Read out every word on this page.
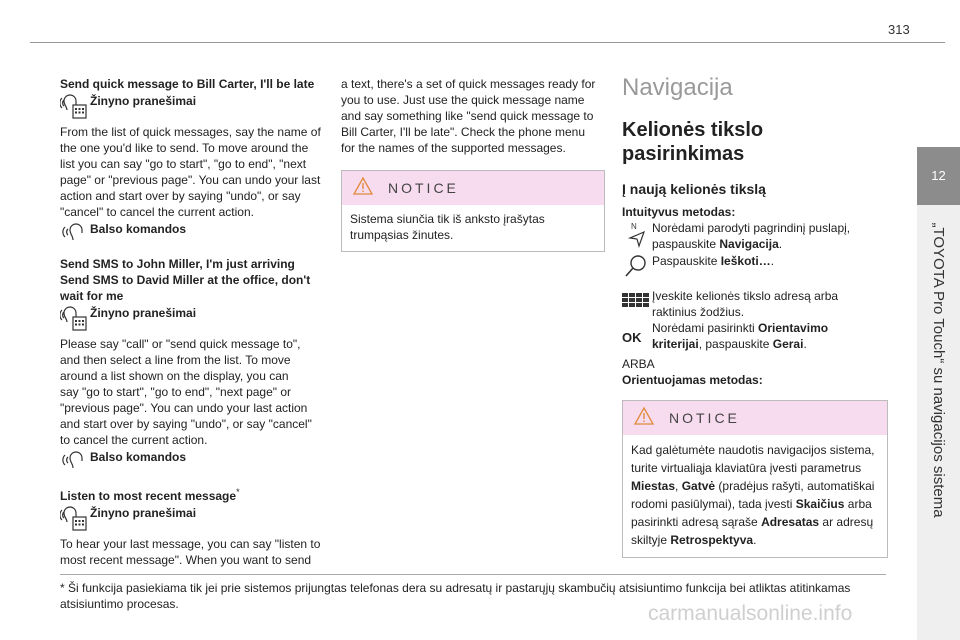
313
12
„TOYOTA Pro Touch“ su navigacijos sistema

Send quick message to Bill Carter, I'll be late

Žinyno pranešimai

From the list of quick messages, say the name of

the one you'd like to send. To move around the

list you can say "go to start", "go to end", "next

page" or "previous page". You can undo your last

action and start over by saying "undo", or say

"cancel" to cancel the current action.

Balso komandos

Send SMS to John Miller, I'm just arriving

Send SMS to David Miller at the office, don't

wait for me

Žinyno pranešimai

Please say "call" or "send quick message to",

and then select a line from the list. To move

around a list shown on the display, you can

say "go to start", "go to end", "next page" or

"previous page". You can undo your last action

and start over by saying "undo", or say "cancel"

to cancel the current action.

Balso komandos

Listen to most recent message*

Žinyno pranešimai

To hear your last message, you can say "listen to

most recent message". When you want to send

a text, there's a set of quick messages ready for

you to use. Just use the quick message name

and say something like "send quick message to

Bill Carter, I'll be late". Check the phone menu

for the names of the supported messages.

NOTICE

Sistema siunčia tik iš anksto įrašytas

trumpąsias žinutes.

Navigacija
Kelionės tikslo pasirinkimas
Į naują kelionės tikslą

Intuityvus metodas:

N Norėdami parodyti pagrindinį puslapį,

paspauskite Navigacija.

Paspauskite Ieškoti….

Įveskite kelionės tikslo adresą arba

raktinius žodžius.

OK

Norėdami pasirinkti Orientavimo

kriterijai, paspauskite Gerai.

ARBA

Orientuojamas metodas:

NOTICE

Kad galėtumėte naudotis navigacijos sistema,

turite virtualiąja klaviatūra įvesti parametrus

Miestas, Gatvė (pradėjus rašyti, automatiškai

rodomi pasiūlymai), tada įvesti Skaičius arba

pasirinkti adresą sąraše Adresatas ar adresų

skiltyje Retrospektyva.

* Ši funkcija pasiekiama tik jei prie sistemos prijungtas telefonas dera su adresatų ir pastarųjų skambučių atsisiuntimo funkcija bei atliktas atitinkamas

atsisiuntimo procesas.	carmanualsonline.info
